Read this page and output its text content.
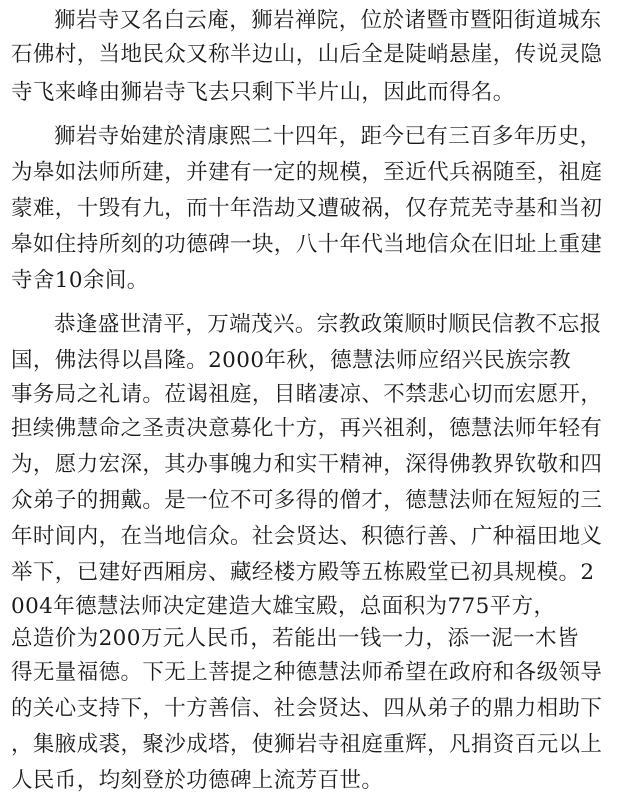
狮岩寺又名白云庵，狮岩禅院，位於诸暨市暨阳街道城东
石佛村，当地民众又称半边山，山后全是陡峭悬崖，传说灵隐
寺飞来峰由狮岩寺飞去只剩下半片山，因此而得名。
狮岩寺始建於清康熙二十四年，距今已有三百多年历史，
为皋如法师所建，并建有一定的规模，至近代兵祸随至，祖庭
蒙难，十毁有九，而十年浩劫又遭破祸，仅存荒芜寺基和当初
皋如住持所刻的功德碑一块，八十年代当地信众在旧址上重建
寺舍10余间。
恭逢盛世清平，万端茂兴。宗教政策顺时顺民信教不忘报
国，佛法得以昌隆。2000年秋，德慧法师应绍兴民族宗教
事务局之礼请。莅谒祖庭，目睹凄凉、不禁悲心切而宏愿开，
担续佛慧命之圣责决意募化十方，再兴祖刹，德慧法师年轻有
为，愿力宏深，其办事魄力和实干精神，深得佛教界钦敬和四
众弟子的拥戴。是一位不可多得的僧才，德慧法师在短短的三
年时间内，在当地信众。社会贤达、积德行善、广种福田地义
举下，已建好西厢房、藏经楼方殿等五栋殿堂已初具规模。2
004年德慧法师决定建造大雄宝殿，总面积为775平方，
总造价为200万元人民币，若能出一钱一力，添一泥一木皆
得无量福德。下无上菩提之种德慧法师希望在政府和各级领导
的关心支持下，十方善信、社会贤达、四从弟子的鼎力相助下
，集腋成裘，聚沙成塔，使狮岩寺祖庭重辉，凡捐资百元以上
人民币，均刻登於功德碑上流芳百世。
